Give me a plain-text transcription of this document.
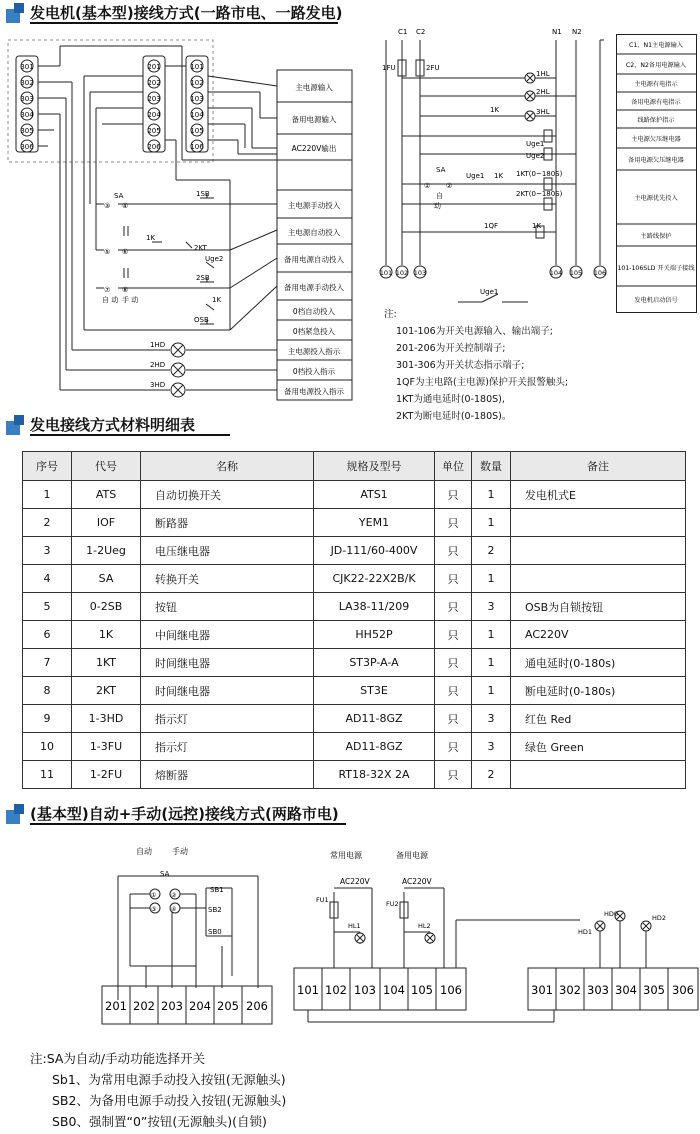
发电机(基本型)接线方式(一路市电、一路发电)
301
302
303
304
305
306
201
202
203
204
205
206
101
102
103
104
105
106
主电源输入
备用电源输入
AC220V输出
主电源手动投入
主电源自动投入
备用电源自动投入
备用电源手动投入
0档自动投入
0档紧急投入
主电源投入指示
0档投入指示
备用电源投入指示
SA
③ ④
⑤ ⑥
⑦ ⑧
自 动 手 动
1SB
1K
2KT
Uge2
2SB
1K
OSB
1HD
2HD
3HD
C1 C2	N1 N2
1FU	2FU
1HL
2HL
3HL
1K
Uge1
Uge2
SA
自
动
① ②
Uge1 1K 1KT(0~180S)
2KT(0~180S)
1QF	1K
101 102 103	104 105 106
C1、N1主电源输入
C2、N2备用电源输入
主电源有电指示
备用电源有电指示
线路保护指示
主电源欠压继电器
备用电源欠压继电器
主电源优先投入
主路线保护
101-106SLD 开关端子接线
发电机启动信号
Uge1
注:
101-106为开关电源输入、输出端子;
201-206为开关控制端子;
301-306为开关状态指示端子;
1QF为主电路(主电源)保护开关报警触头;
1KT为通电延时(0-180S),
2KT为断电延时(0-180S)。
发电接线方式材料明细表
序号	代号	名称	规格及型号	单位	数量	备注
1	ATS	自动切换开关	ATS1	只	1	发电机式E
2	IOF	断路器	YEM1	只	1	
3	1-2Ueg	电压继电器	JD-111/60-400V	只	2	
4	SA	转换开关	CJK22-22X2B/K	只	1	
5	0-2SB	按钮	LA38-11/209	只	3	OSB为自锁按钮
6	1K	中间继电器	HH52P	只	1	AC220V
7	1KT	时间继电器	ST3P-A-A	只	1	通电延时(0-180s)
8	2KT	时间继电器	ST3E	只	1	断电延时(0-180s)
9	1-3HD	指示灯	AD11-8GZ	只	3	红色 Red
10	1-3FU	指示灯	AD11-8GZ	只	3	绿色 Green
11	1-2FU	熔断器	RT18-32X 2A	只	2	
(基本型)自动+手动(远控)接线方式(两路市电)
自动	手动
SA
① ②
③ ④
SB1
SB2
SB0
常用电源	备用电源
AC220V	AC220V
FU1	FU2
HL1	HL2
HD1
HD0	HD2
201 202 203 204 205 206
101 102 103 104 105 106	301 302 303 304 305 306
注:SA为自动/手动功能选择开关
Sb1、为常用电源手动投入按钮(无源触头)
SB2、为备用电源手动投入按钮(无源触头)
SB0、强制置“0”按钮(无源触头)(自锁)
